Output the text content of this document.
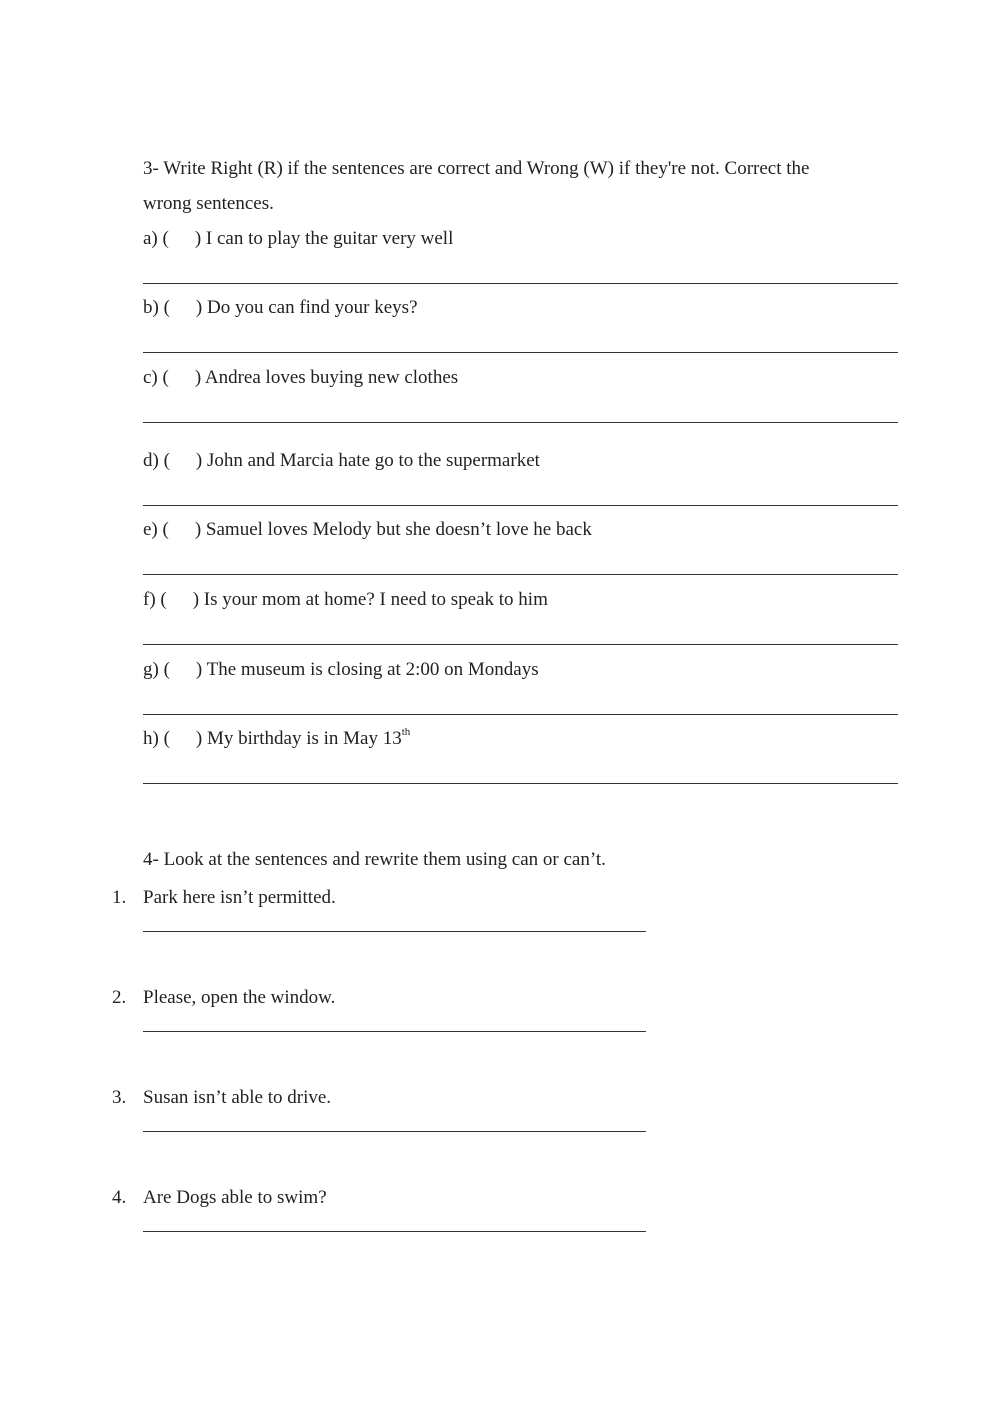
3- Write Right (R) if the sentences are correct and Wrong (W) if they're not. Correct the
wrong sentences.
a) ( ) I can to play the guitar very well
b) ( ) Do you can find your keys?
c) ( ) Andrea loves buying new clothes
d) ( ) John and Marcia hate go to the supermarket
e) ( ) Samuel loves Melody but she doesn’t love he back
f) ( ) Is your mom at home? I need to speak to him
g) ( ) The museum is closing at 2:00 on Mondays
h) ( ) My birthday is in May 13th
4- Look at the sentences and rewrite them using can or can’t.
1. Park here isn’t permitted.
2. Please, open the window.
3. Susan isn’t able to drive.
4. Are Dogs able to swim?
